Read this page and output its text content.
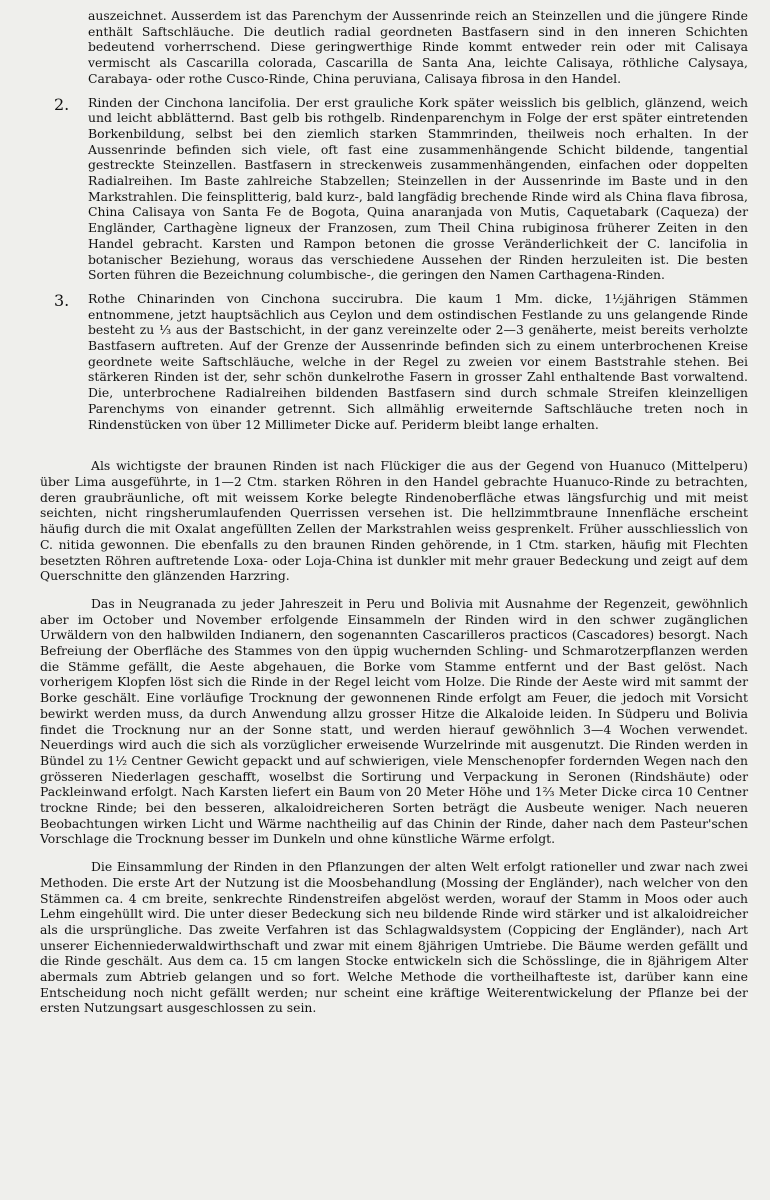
auszeichnet. Ausserdem ist das Parenchym der Aussenrinde reich an Steinzellen und die jüngere Rinde enthält Saftschläuche. Die deutlich radial geordneten Bastfasern sind in den inneren Schichten bedeutend vorherrschend. Diese geringwerthige Rinde kommt entweder rein oder mit Calisaya vermischt als Cascarilla colorada, Cascarilla de Santa Ana, leichte Calisaya, röthliche Calysaya, Carabaya- oder rothe Cusco-Rinde, China peruviana, Calisaya fibrosa in den Handel.

2. Rinden der Cinchona lancifolia. Der erst grauliche Kork später weisslich bis gelblich, glänzend, weich und leicht abblätternd. Bast gelb bis rothgelb. Rindenparenchym in Folge der erst später eintretenden Borkenbildung, selbst bei den ziemlich starken Stammrinden, theilweis noch erhalten. In der Aussenrinde befinden sich viele, oft fast eine zusammenhängende Schicht bildende, tangential gestreckte Steinzellen. Bastfasern in streckenweis zusammenhängenden, einfachen oder doppelten Radialreihen. Im Baste zahlreiche Stabzellen; Steinzellen in der Aussenrinde im Baste und in den Markstrahlen. Die feinsplitterig, bald kurz-, bald langfädig brechende Rinde wird als China flava fibrosa, China Calisaya von Santa Fe de Bogota, Quina anaranjada von Mutis, Caquetabark (Caqueza) der Engländer, Carthagène ligneux der Franzosen, zum Theil China rubiginosa früherer Zeiten in den Handel gebracht. Karsten und Rampon betonen die grosse Veränderlichkeit der C. lancifolia in botanischer Beziehung, woraus das verschiedene Aussehen der Rinden herzuleiten ist. Die besten Sorten führen die Bezeichnung columbische-, die geringen den Namen Carthagena-Rinden.

3. Rothe Chinarinden von Cinchona succirubra. Die kaum 1 Mm. dicke, 1½jährigen Stämmen entnommene, jetzt hauptsächlich aus Ceylon und dem ostindischen Festlande zu uns gelangende Rinde besteht zu ⅓ aus der Bastschicht, in der ganz vereinzelte oder 2—3 genäherte, meist bereits verholzte Bastfasern auftreten. Auf der Grenze der Aussenrinde befinden sich zu einem unterbrochenen Kreise geordnete weite Saftschläuche, welche in der Regel zu zweien vor einem Baststrahle stehen. Bei stärkeren Rinden ist der, sehr schön dunkelrothe Fasern in grosser Zahl enthaltende Bast vorwaltend. Die, unterbrochene Radialreihen bildenden Bastfasern sind durch schmale Streifen kleinzelligen Parenchyms von einander getrennt. Sich allmählig erweiternde Saftschläuche treten noch in Rindenstücken von über 12 Millimeter Dicke auf. Periderm bleibt lange erhalten.

Als wichtigste der braunen Rinden ist nach Flückiger die aus der Gegend von Huanuco (Mittelperu) über Lima ausgeführte, in 1—2 Ctm. starken Röhren in den Handel gebrachte Huanuco-Rinde zu betrachten, deren graubräunliche, oft mit weissem Korke belegte Rindenoberfläche etwas längsfurchig und mit meist seichten, nicht ringsherumlaufenden Querrissen versehen ist. Die hellzimmtbraune Innenfläche erscheint häufig durch die mit Oxalat angefüllten Zellen der Markstrahlen weiss gesprenkelt. Früher ausschliesslich von C. nitida gewonnen. Die ebenfalls zu den braunen Rinden gehörende, in 1 Ctm. starken, häufig mit Flechten besetzten Röhren auftretende Loxa- oder Loja-China ist dunkler mit mehr grauer Bedeckung und zeigt auf dem Querschnitte den glänzenden Harzring.

Das in Neugranada zu jeder Jahreszeit in Peru und Bolivia mit Ausnahme der Regenzeit, gewöhnlich aber im October und November erfolgende Einsammeln der Rinden wird in den schwer zugänglichen Urwäldern von den halbwilden Indianern, den sogenannten Cascarilleros practicos (Cascadores) besorgt. Nach Befreiung der Oberfläche des Stammes von den üppig wuchernden Schling- und Schmarotzerpflanzen werden die Stämme gefällt, die Aeste abgehauen, die Borke vom Stamme entfernt und der Bast gelöst. Nach vorherigem Klopfen löst sich die Rinde in der Regel leicht vom Holze. Die Rinde der Aeste wird mit sammt der Borke geschält. Eine vorläufige Trocknung der gewonnenen Rinde erfolgt am Feuer, die jedoch mit Vorsicht bewirkt werden muss, da durch Anwendung allzu grosser Hitze die Alkaloide leiden. In Südperu und Bolivia findet die Trocknung nur an der Sonne statt, und werden hierauf gewöhnlich 3—4 Wochen verwendet. Neuerdings wird auch die sich als vorzüglicher erweisende Wurzelrinde mit ausgenutzt. Die Rinden werden in Bündel zu 1½ Centner Gewicht gepackt und auf schwierigen, viele Menschenopfer fordernden Wegen nach den grösseren Niederlagen geschafft, woselbst die Sortirung und Verpackung in Seronen (Rindshäute) oder Packleinwand erfolgt. Nach Karsten liefert ein Baum von 20 Meter Höhe und 1⅔ Meter Dicke circa 10 Centner trockne Rinde; bei den besseren, alkaloidreicheren Sorten beträgt die Ausbeute weniger. Nach neueren Beobachtungen wirken Licht und Wärme nachtheilig auf das Chinin der Rinde, daher nach dem Pasteur'schen Vorschlage die Trocknung besser im Dunkeln und ohne künstliche Wärme erfolgt.

Die Einsammlung der Rinden in den Pflanzungen der alten Welt erfolgt rationeller und zwar nach zwei Methoden. Die erste Art der Nutzung ist die Moosbehandlung (Mossing der Engländer), nach welcher von den Stämmen ca. 4 cm breite, senkrechte Rindenstreifen abgelöst werden, worauf der Stamm in Moos oder auch Lehm eingehüllt wird. Die unter dieser Bedeckung sich neu bildende Rinde wird stärker und ist alkaloidreicher als die ursprüngliche. Das zweite Verfahren ist das Schlagwaldsystem (Coppicing der Engländer), nach Art unserer Eichenniederwaldwirthschaft und zwar mit einem 8jährigen Umtriebe. Die Bäume werden gefällt und die Rinde geschält. Aus dem ca. 15 cm langen Stocke entwickeln sich die Schösslinge, die in 8jährigem Alter abermals zum Abtrieb gelangen und so fort. Welche Methode die vortheilhafteste ist, darüber kann eine Entscheidung noch nicht gefällt werden; nur scheint eine kräftige Weiterentwickelung der Pflanze bei der ersten Nutzungsart ausgeschlossen zu sein.
